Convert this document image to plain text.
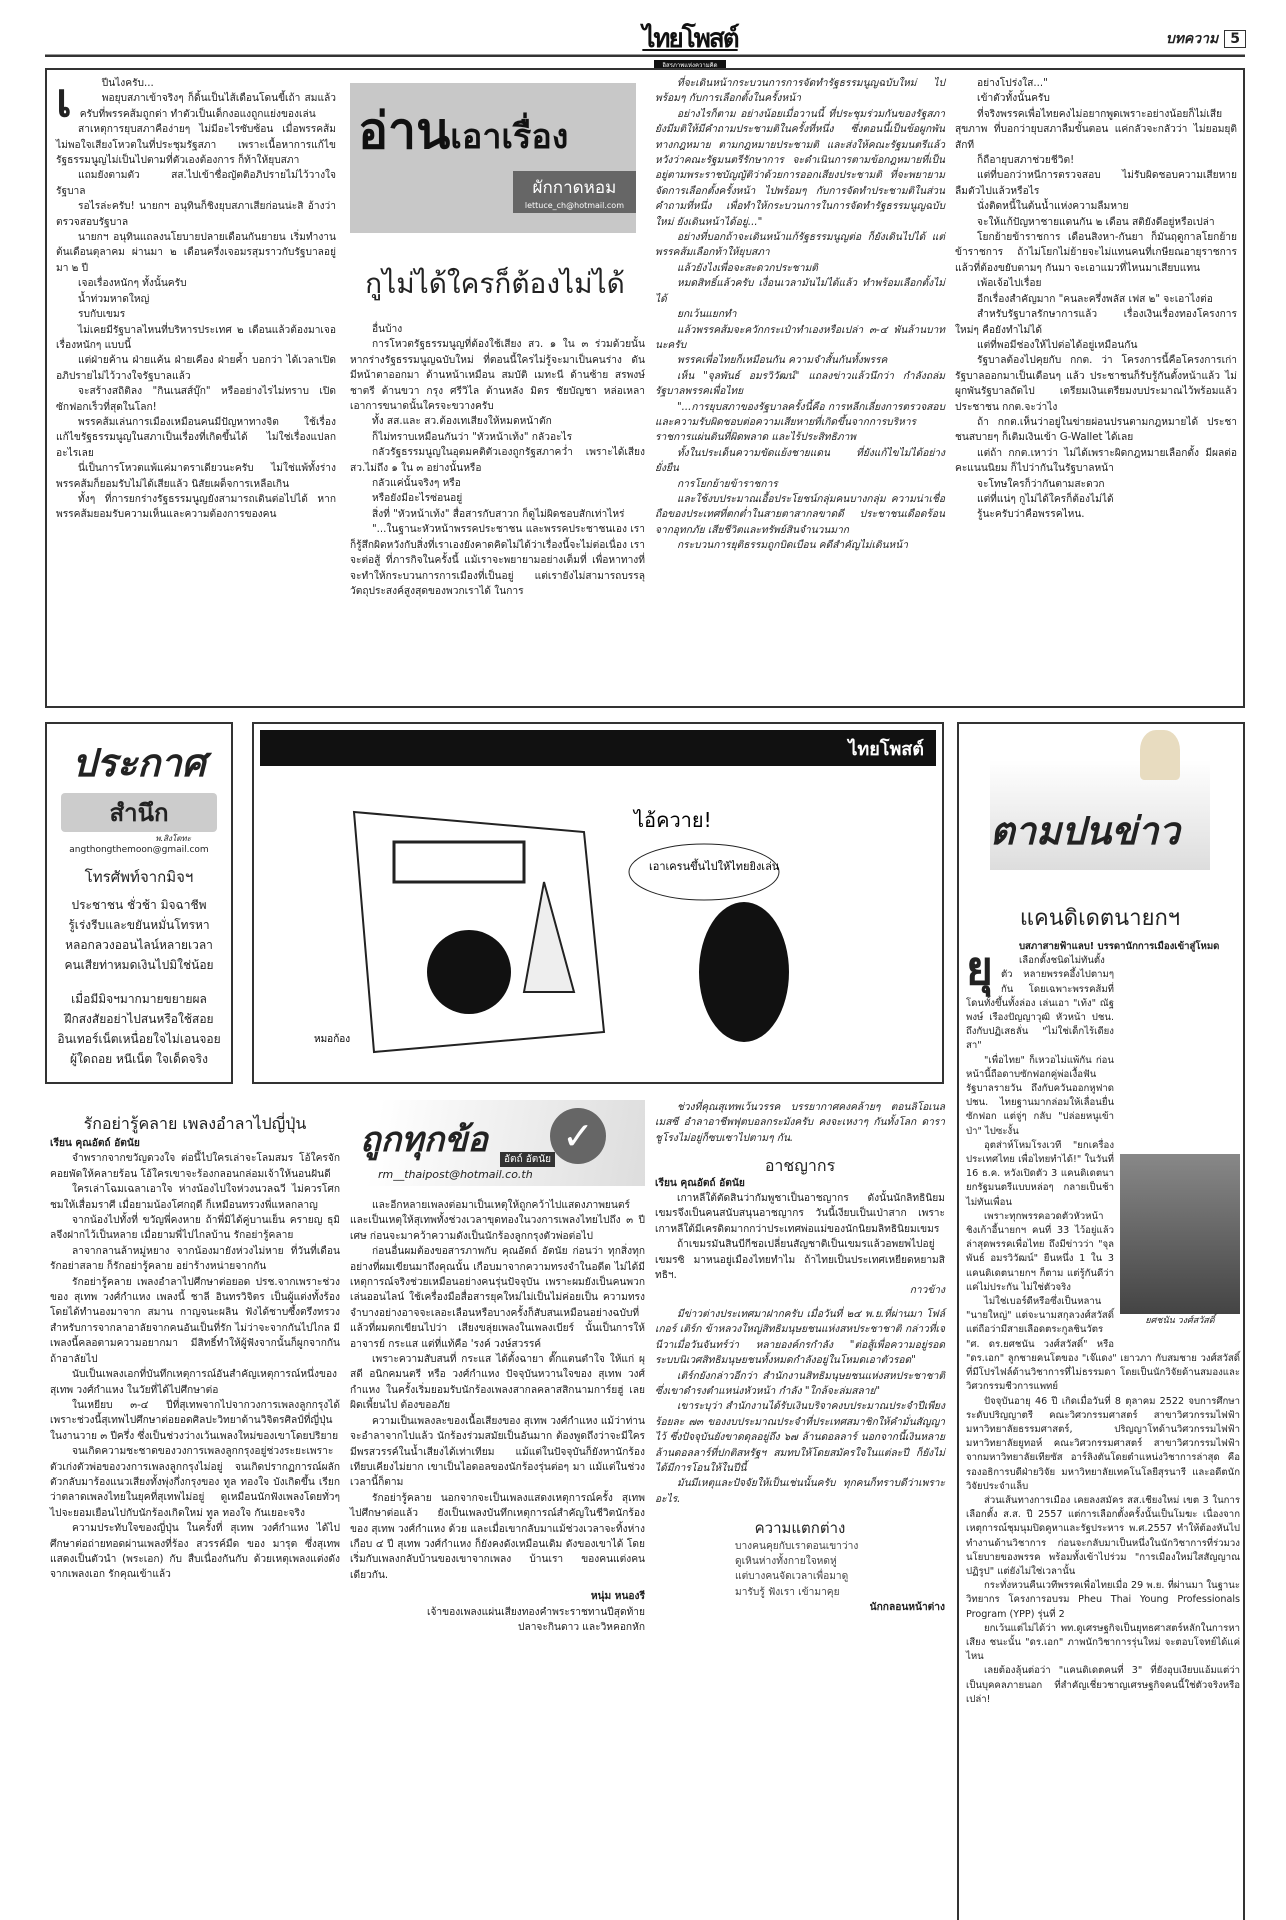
ไทยโพสต์
อิสรภาพแห่งความคิด
บทความ 5
เ	ปีนไงครับ...

พอยุบสภาเข้าจริงๆ ก็ดิ้นเป็นไส้เดือนโดนขี้เถ้า สมแล้วครับที่พรรคส้มถูกด่า ทำตัวเป็นเด็กงอแงถูกแย่งของเล่น

สาเหตุการยุบสภาคือง่ายๆ ไม่มีอะไรซับซ้อน เมื่อพรรคส้มไม่พอใจเสียงโหวตในที่ประชุมรัฐสภา เพราะเนื้อหาการแก้ไขรัฐธรรมนูญไม่เป็นไปตามที่ตัวเองต้องการ ก็ท้าให้ยุบสภา

แถมยังตามตัว สส.ไปเข้าชื่อญัตติอภิปรายไม่ไว้วางใจรัฐบาล

รอไรล่ะครับ! นายกฯ อนุทินก็ชิงยุบสภาเสียก่อนน่ะสิ อ้างว่าตรวจสอบรัฐบาล

นายกฯ อนุทินแถลงนโยบายปลายเดือนกันยายน เริ่มทำงานต้นเดือนตุลาคม ผ่านมา ๒ เดือนครึ่งเจอมรสุมราวกับรัฐบาลอยู่มา ๒ ปี

เจอเรื่องหนักๆ ทั้งนั้นครับ

น้ำท่วมหาดใหญ่

รบกับเขมร

ไม่เคยมีรัฐบาลไหนที่บริหารประเทศ ๒ เดือนแล้วต้องมาเจอเรื่องหนักๆ แบบนี้

แต่ฝ่ายค้าน ฝ่ายแค้น ฝ่ายเคือง ฝ่ายค้ำ บอกว่า ได้เวลาเปิดอภิปรายไม่ไว้วางใจรัฐบาลแล้ว

จะสร้างสถิติลง "กินเนสส์บุ๊ก" หรืออย่างไรไม่ทราบ เปิดซักฟอกเร็วที่สุดในโลก!

พรรคส้มเล่นการเมืองเหมือนคนมีปัญหาทางจิต ใช้เรื่องแก้ไขรัฐธรรมนูญในสภาเป็นเรื่องที่เกิดขึ้นได้ ไม่ใช่เรื่องแปลกอะไรเลย

นี่เป็นการโหวตแพ้แค่มาตราเดียวนะครับ ไม่ใช่แพ้ทั้งร่าง พรรคส้มก็ยอมรับไม่ได้เสียแล้ว นิสัยเผด็จการเหลือเกิน

ทั้งๆ ที่การยกร่างรัฐธรรมนูญยังสามารถเดินต่อไปได้ หากพรรคส้มยอมรับความเห็นและความต้องการของคน

อ่านเอาเรื่อง
ผักกาดหอม
lettuce_ch@hotmail.com
กูไม่ได้ใครก็ต้องไม่ได้

อื่นบ้าง

การโหวตรัฐธรรมนูญที่ต้องใช้เสียง สว. ๑ ใน ๓ ร่วมด้วยนั้น หากร่างรัฐธรรมนูญฉบับใหม่ ที่ตอนนี้ใครไม่รู้จะมาเป็นคนร่าง ดันมีหน้าตาออกมา ด้านหน้าเหมือน สมบัติ เมทะนี ด้านซ้าย สรพงษ์ ชาตรี ด้านขวา กรุง ศรีวิไล ด้านหลัง มิตร ชัยบัญชา หล่อเหลาเอาการขนาดนั้นใครจะขวางครับ

ทั้ง สส.และ สว.ต้องเทเสียงให้หมดหน้าตัก

ก็ไม่ทราบเหมือนกันว่า "หัวหน้าเท้ง" กลัวอะไร

กลัวรัฐธรรมนูญในอุดมคติตัวเองถูกรัฐสภาคว่ำ เพราะได้เสียง สว.ไม่ถึง ๑ ใน ๓ อย่างนั้นหรือ

กลัวแค่นั้นจริงๆ หรือ

หรือยังมีอะไรซ่อนอยู่

สิ่งที่ "หัวหน้าเท้ง" สื่อสารกับสาวก ก็ดูไม่ผิดชอบสักเท่าไหร่

"...ในฐานะหัวหน้าพรรคประชาชน และพรรคประชาชนเอง เราก็รู้สึกผิดหวังกับสิ่งที่เราเองยังคาดคิดไม่ได้ว่าเรื่องนี้จะไม่ต่อเนื่อง เราจะต่อสู้ ที่ภารกิจในครั้งนี้ แม้เราจะพยายามอย่างเต็มที่ เพื่อหาทางที่จะทำให้กระบวนการการเมืองที่เป็นอยู่ แต่เรายังไม่สามารถบรรลุวัตถุประสงค์สูงสุดของพวกเราได้ ในการ

ที่จะเดินหน้ากระบวนการการจัดทำรัฐธรรมนูญฉบับใหม่ ไปพร้อมๆ กับการเลือกตั้งในครั้งหน้า

อย่างไรก็ตาม อย่างน้อยเมื่อวานนี้ ที่ประชุมร่วมกันของรัฐสภา ยังมีมติให้มีคำถามประชามติในครั้งที่หนึ่ง ซึ่งตอนนี้เป็นข้อผูกพันทางกฎหมาย ตามกฎหมายประชามติ และส่งให้คณะรัฐมนตรีแล้ว หวังว่าคณะรัฐมนตรีรักษาการ จะดำเนินการตามข้อกฎหมายที่เป็นอยู่ตามพระราชบัญญัติว่าด้วยการออกเสียงประชามติ ที่จะพยายามจัดการเลือกตั้งครั้งหน้า ไปพร้อมๆ กับการจัดทำประชามติในส่วนคำถามที่หนึ่ง เพื่อทำให้กระบวนการในการจัดทำรัฐธรรมนูญฉบับใหม่ ยังเดินหน้าได้อยู่..."

อย่างที่บอกถ้าจะเดินหน้าแก้รัฐธรรมนูญต่อ ก็ยังเดินไปได้ แต่พรรคส้มเลือกท้าให้ยุบสภา

แล้วยังไงเพื่อจะสะดวกประชามติ

หมดสิทธิ์แล้วครับ เงื่อนเวลามันไม่ได้แล้ว ทำพร้อมเลือกตั้งไม่ได้

ยกเว้นแยกทำ

แล้วพรรคส้มจะควักกระเป๋าทำเองหรือเปล่า ๓-๔ พันล้านบาทนะครับ

พรรคเพื่อไทยก็เหมือนกัน ความจำสั้นกันทั้งพรรค

เห็น "จุลพันธ์ อมรวิวัฒน์" แถลงข่าวแล้วนึกว่า กำลังถล่มรัฐบาลพรรคเพื่อไทย

"...การยุบสภาของรัฐบาลครั้งนี้คือ การหลีกเลี่ยงการตรวจสอบ และความรับผิดชอบต่อความเสียหายที่เกิดขึ้นจากการบริหารราชการแผ่นดินที่ผิดพลาด และไร้ประสิทธิภาพ

ทั้งในประเด็นความขัดแย้งชายแดน ที่ยังแก้ไขไม่ได้อย่างยั่งยืน

การโยกย้ายข้าราชการ

และใช้งบประมาณเอื้อประโยชน์กลุ่มคนบางกลุ่ม ความน่าเชื่อถือของประเทศที่ตกต่ำในสายตาสากลขาดดี ประชาชนเดือดร้อนจากอุทกภัย เสียชีวิตและทรัพย์สินจำนวนมาก

กระบวนการยุติธรรมถูกบิดเบือน คดีสำคัญไม่เดินหน้า

อย่างโปร่งใส..."

เข้าตัวทั้งนั้นครับ

ที่จริงพรรคเพื่อไทยคงไม่อยากพูดเพราะอย่างน้อยก็ไม่เสียสุขภาพ ที่บอกว่ายุบสภาลืมขั้นตอน แค่กลัวจะกลัวว่า ไม่ยอมยุติสักที

ก็ถือายุบสภาช่วยชีวิต!

แต่ที่บอกว่าหนีการตรวจสอบ ไม่รับผิดชอบความเสียหาย ลืมตัวไปแล้วหรือไร

นั่งติดหนี้ในต้นน้ำแห่งความลืมหาย

จะให้แก้ปัญหาชายแดนกัน ๒ เดือน สติยังดีอยู่หรือเปล่า

โยกย้ายข้าราชการ เดือนสิงหา-กันยา ก็มันฤดูกาลโยกย้ายข้าราชการ ถ้าไม่โยกไม่ย้ายจะไม่แทนคนที่เกษียณอายุราชการ แล้วที่ต้องขยับตามๆ กันมา จะเอาแมวที่ไหนมาเสียบแทน

เพ้อเจ้อไปเรื่อย

อีกเรื่องสำคัญมาก "คนละครึ่งพลัส เฟส ๒" จะเอาไงต่อ

สำหรับรัฐบาลรักษาการแล้ว เรื่องเงินเรื่องทองโครงการใหม่ๆ คือยังทำไม่ได้

แต่ที่พอมีช่องให้ไปต่อได้อยู่เหมือนกัน

รัฐบาลต้องไปคุยกับ กกต. ว่า โครงการนี้คือโครงการเก่า รัฐบาลออกมาเป็นเดือนๆ แล้ว ประชาชนก็รับรู้กันตั้งหน้าแล้ว ไม่ผูกพันรัฐบาลถัดไป เตรียมเงินเตรียมงบประมาณไว้พร้อมแล้ว ประชาชน กกต.จะว่าไง

ถ้า กกต.เห็นว่าอยู่ในข่ายผ่อนปรนตามกฎหมายได้ ประชาชนสบายๆ ก็เติมเงินเข้า G-Wallet ได้เลย

แต่ถ้า กกต.เหาว่า ไม่ได้เพราะผิดกฎหมายเลือกตั้ง มีผลต่อคะแนนนิยม ก็ไปว่ากันในรัฐบาลหน้า

จะโทษใครก็ว่ากันตามสะดวก

แต่ที่แน่ๆ กูไม่ได้ใครก็ต้องไม่ได้

รู้นะครับว่าคือพรรคไหน.

ประกาศ
สำนึก
พ.สิงโตทะ
angthongthemoon@gmail.com
โทรศัพท์จากมิจฯ
ประชาชน ชั่วช้า มิจฉาชีพ
รู้เร่งรีบและขยันหมั่นโทรหา
หลอกลวงออนไลน์หลายเวลา
คนเสียท่าหมดเงินไปมิใช่น้อย
เมื่อมีมิจฯมากมายขยายผล
ฝึกสงสัยอย่าไปสนหรือใช้สอย
อินเทอร์เน็ตเหนื่อยใจไม่เอนจอย
ผู้ใดถอย หนีเน็ต ใจเด็ดจริง
ไทยโพสต์
ไอ้ควาย!
เอาเครนขึ้นไปให้ไทยยิงเล่น
หมอก้อง
ตามปนข่าว
แคนดิเดตนายกฯ
ยุ	บสภาสายฟ้าแลบ! บรรดานักการเมืองเข้าสู่โหมด

ยศชนัน วงศ์สวัสดิ์

เลือกตั้งชนิดไม่ทันตั้งตัว หลายพรรคอึ้งไปตามๆ กัน โดยเฉพาะพรรคส้มที่โดนทั้งขึ้นทั้งล่อง เล่นเอา "เท้ง" ณัฐพงษ์ เรืองปัญญาวุฒิ หัวหน้า ปชน. ถึงกับปฏิเสธลั่น "ไม่ใช่เด็กไร้เดียงสา"

"เพื่อไทย" ก็เหวอไม่แพ้กัน ก่อนหน้านี้ถือดาบซักฟอกคู่พ่อเงื้อฟันรัฐบาลรายวัน ถึงกับควันออกหูฟาด ปชน. ไทยฐานมากล่อมให้เลื่อนยื่นซักฟอก แต่จู่ๆ กลับ "ปล่อยหนูเข้าป่า" ไปซะงั้น

อุตส่าห์โหมโรงเวที "ยกเครื่องประเทศไทย เพื่อไทยทำได้!" ในวันที่ 16 ธ.ค. หวังเปิดตัว 3 แคนดิเดตนายกรัฐมนตรีแบบหล่อๆ กลายเป็นช้าไม่ทันเพื่อน

เพราะทุกพรรคอวดตัวหัวหน้าชิงเก้าอี้นายกฯ คนที่ 33 ไว้อยู่แล้ว ล่าสุดพรรคเพื่อไทย ถึงมีข่าวว่า "จุลพันธ์ อมรวิวัฒน์" ยืนหนึ่ง 1 ใน 3 แคนดิเดตนายกฯ ก็ตาม แต่รู้กันดีว่าแค่ไม่ประกัน ไม่ใช่ตัวจริง

ไม่ใช่เบอร์ดีหรือซึ่งเป็นหลาน "นายใหญ่" แต่จะนามสกุลวงศ์สวัสดิ์ แต่ถือว่ามีสายเลือดตระกูลชินวัตร "ศ. ดร.ยศชนัน วงศ์สวัสดิ์" หรือ "ดร.เอก" ลูกชายคนโตของ "เจ๊แดง" เยาวภา กับสมชาย วงศ์สวัสดิ์ ที่มีโปรไฟล์ด้านวิชาการที่ไม่ธรรมดา โดยเป็นนักวิจัยด้านสมองและวิศวกรรมชีวการแพทย์

ปัจจุบันอายุ 46 ปี เกิดเมื่อวันที่ 8 ตุลาคม 2522 จบการศึกษาระดับปริญญาตรี คณะวิศวกรรมศาสตร์ สาขาวิศวกรรมไฟฟ้า มหาวิทยาลัยธรรมศาสตร์, ปริญญาโทด้านวิศวกรรมไฟฟ้า มหาวิทยาลัยยูทอห์ คณะวิศวกรรมศาสตร์ สาขาวิศวกรรมไฟฟ้า จากมหาวิทยาลัยเทียซัส อาร์ลิงตันโดยตำแหน่งวิชาการล่าสุด คือ รองอธิการบดีฝ่ายวิจัย มหาวิทยาลัยเทคโนโลยีสุรนารี และอดีตนักวิจัยประจำแล็บ

ส่วนเส้นทางการเมือง เคยลงสมัคร สส.เชียงใหม่ เขต 3 ในการเลือกตั้ง ส.ส. ปี 2557 แต่การเลือกตั้งครั้งนั้นเป็นโมฆะ เนื่องจากเหตุการณ์ชุมนุมปิดคูหาและรัฐประหาร พ.ศ.2557 ทำให้ต้องหันไปทำงานด้านวิชาการ ก่อนจะกลับมาเป็นหนึ่งในนักวิชาการที่ร่วมวงนโยบายของพรรค พร้อมทั้งเข้าไปร่วม "การเมืองใหม่ใสสัญญาณปฏิรูป" แต่ยังไม่ใช่เวลานั้น

กระทั่งหวนคืนเวทีพรรคเพื่อไทยเมื่อ 29 พ.ย. ที่ผ่านมา ในฐานะวิทยากร โครงการอบรม Pheu Thai Young Professionals Program (YPP) รุ่นที่ 2

ยกเว้นแต่ไม่ได้ว่า พท.ดูเศรษฐกิจเป็นยุทธศาสตร์หลักในการหาเสียง ชนะนั้น "ดร.เอก" ภาพนักวิชาการรุ่นใหม่ จะตอบโจทย์ได้แค่ไหน

เลยต้องลุ้นต่อว่า "แคนดิเดตคนที่ 3" ที่ยังอุบเงียบแอ้มแต่ว่าเป็นบุคคลภายนอก ที่สำคัญเชี่ยวชาญเศรษฐกิจคนนี้ใช่ตัวจริงหรือเปล่า!

รักอย่ารู้คลาย เพลงอำลาไปญี่ปุ่น

เรียน คุณอัตถ์ อัตนัย

จำพรากจากขวัญดวงใจ ต่อนี้ไปใครเล่าจะโลมสมร โอ้ใครจักคอยพัดให้คลายร้อน โอ้ใครเขาจะร้องกลอนกล่อมเจ้าให้นอนฝันดี

ใครเล่าโฉมเฉลาเอาใจ ห่างน้องไปใจห่วงนวลฉวี ไม่ควรโศกชมให้เสื่อมราศี เมื่อยามน้องโศกฤดี ก็เหมือนทรวงพี่แหลกลาญ

จากน้องไปทั้งที่ ขวัญพี่คงหาย ถ้าพี่มิได้คู่บานเย็น ครายญ ธุมิลจึงฝากไว้เป็นหลาย เมื่อยามพี่ไปไกลบ้าน รักอย่ารู้คลาย

ลาจากลานล้าหมู่หยาง จากน้องมายังห่วงไม่หาย ที่วันที่เดือนรักอย่าสลาย ก็รักอย่ารู้คลาย อย่าร้างหน่ายจากกัน

รักอย่ารู้คลาย เพลงอำลาไปศึกษาต่อยอด ปรช.จากเพราะช่วงของ สุเทพ วงศ์กำแหง เพลงนี้ ชาลี อินทรวิจิตร เป็นผู้แต่งทั้งร้อง โดยได้ทำนองมาจาก สมาน กาญจนะผลิน ฟังได้ชาบซึ้งตรึงทรวงสำหรับการจากลาอาลัยจากคนอันเป็นที่รัก ไม่ว่าจะจากกันไปไกล มีเพลงนี้คลอตามความอยากมา มีสิทธิ์ทำให้ผู้ฟังจากนั้นก็ผูกจากกันถ้าอาลัยไป

นับเป็นเพลงเอกที่บันทึกเหตุการณ์อันสำคัญเหตุการณ์หนึ่งของ สุเทพ วงศ์กำแหง ในวัยที่ได้ไปศึกษาต่อ

ในเหยียบ ๓-๔ ปีที่สุเทพจากไปจากวงการเพลงลูกกรุงได้ เพราะช่วงนี้สุเทพไปศึกษาต่อยอดศิลปะวิทยาด้านวิจิตรศิลป์ที่ญี่ปุ่นในงานวาย ๓ ปีครึ่ง ซึ่งเป็นช่วงว่างเว้นเพลงใหม่ของเขาโดยปริยาย

จนเกิดความชะชาดของวงการเพลงลูกกรุงอยู่ช่วงระยะเพราะตัวเก่งตัวพ่อของวงการเพลงลูกกรุงไม่อยู่ จนเกิดปรากฏการณ์ผลักตัวกลับมาร้องแนวเสียงทั้งพุ่งกึ่งกรุงของ ทูล ทองใจ บังเกิดขึ้น เรียกว่าตลาดเพลงไทยในยุคที่สุเทพไม่อยู่ ดูเหมือนนักฟังเพลงโดยทั่วๆ ไปจะยอมเยือนไปกับนักร้องเกิดใหม่ ทูล ทองใจ กันเยอะจริง

ความประทับใจของญี่ปุ่น ในครั้งที่ สุเทพ วงศ์กำแหง ได้ไปศึกษาต่อถ่ายทอดผ่านเพลงที่ร้อง สวรรค์มืด ของ มารุต ซึ่งสุเทพแสดงเป็นตัวนำ (พระเอก) กับ สืบเนื่องกันกับ ด้วยเหตุเพลงแต่งดังจากเพลงเอก รักคุณเข้าแล้ว

ถูกทุกข้อ	✓
อัตถ์ อัตนัย
rm__thaipost@hotmail.co.th

และอีกหลายเพลงต่อมาเป็นเหตุให้ถูกคว้าไปแสดงภาพยนตร์ และเป็นเหตุให้สุเทพทั้งช่วงเวลาขุดทองในวงการเพลงไทยไปถึง ๓ ปีเศษ ก่อนจะมาคว้าความดังเป็นนักร้องลูกกรุงตัวพ่อต่อไป

ก่อนอื่นผมต้องขอสารภาพกับ คุณอัตถ์ อัตนัย ก่อนว่า ทุกสิ่งทุกอย่างที่ผมเขียนมาถึงคุณนั้น เกือบมาจากความทรงจำในอดีต ไม่ได้มีเหตุการณ์จริงช่วยเหมือนอย่างคนรุ่นปัจจุบัน เพราะผมยังเป็นคนพวกเล่นออนไลน์ ใช้เครื่องมือสื่อสารยุคใหม่ไม่เป็นไม่ค่อยเป็น ความทรงจำบางอย่างอาจจะเลอะเลือนหรือบางครั้งก็สับสนเหมือนอย่างฉบับที่แล้วที่ผมตกเขียนไปว่า เสียงขลุ่ยเพลงในเพลงเบียร์ นั้นเป็นการให้อาจารย์ กระแส แต่ที่แท้คือ 'รงค์ วงษ์สวรรค์

เพราะความสับสนที่ กระแส ได้ตั้งฉายา ตั๊กแตนตำใจ ให้แก่ ผุสดี อนิกคมนตรี หรือ วงศ์กำแหง ปัจจุบันหวานใจของ สุเทพ วงศ์กำแหง ในครั้งเริ่มยอมรับนักร้องเพลงสากลคลาสสิกนามการ์ยฮู่ เลยผิดเพี้ยนไป ต้องขออภัย

ความเป็นเพลงละของเนื้อเสียงของ สุเทพ วงศ์กำแหง แม้ว่าท่านจะอำลาจากไปแล้ว นักร้องร่วมสมัยเป็นอันมาก ต้องพูดถึงว่าจะมีใครมีพรสวรรค์ในน้ำเสียงได้เท่าเทียม แม้แต่ในปัจจุบันก็ยังหานักร้องเทียบเคียงไม่ยาก เขาเป็นไอดอลของนักร้องรุ่นต่อๆ มา แม้แต่ในช่วงเวลานี้ก็ตาม

รักอย่ารู้คลาย นอกจากจะเป็นเพลงแสดงเหตุการณ์ครั้ง สุเทพ ไปศึกษาต่อแล้ว ยังเป็นเพลงบันทึกเหตุการณ์สำคัญในชีวิตนักร้องของ สุเทพ วงศ์กำแหง ด้วย และเมื่อเขากลับมาแม้ช่วงเวลาจะทิ้งห่างเกือบ ๔ ปี สุเทพ วงศ์กำแหง ก็ยังคงดังเหมือนเดิม ดังของเขาได้ โดยเริ่มกับเพลงกลับบ้านของเขาจากเพลง บ้านเรา ของคนแต่งคนเดียวกัน.

หนุ่ม หนองรี
เจ้าของเพลงแผ่นเสียงทองคำพระราชทานปีสุดท้าย
ปลาจะกินดาว และวิหคอกหัก

ช่วงที่คุณสุเทพเว้นวรรค บรรยากาศคงคล้ายๆ ตอนลิโอเนล เมสซี อำลาอาชีพฟุตบอลกระมังครับ คงจะเหงาๆ กันทั้งโลก ดาราชูโรงไม่อยู่ก็ซบเซาไปตามๆ กัน.

อาชญากร

เรียน คุณอัตถ์ อัตนัย

เกาหลีใต้ตัดสินว่ากัมพูชาเป็นอาชญากร ดังนั้นนักลิทธินิยมเขมรจึงเป็นคนสนับสนุนอาชญากร วันนี้เงียบเป็นเป่าสาก เพราะเกาหลีใต้มีเครดิตมากกว่าประเทศพ่อแม่ของนักนิยมลิทธินิยมเขมร

ถ้าเขมรมันสินบีกีชอเปลี่ยนสัญชาติเป็นเขมรแล้วอพยพไปอยู่เขมรซิ มาหนอยู่เมืองไทยทำไม ถ้าไทยเป็นประเทศเหยียดหยามสิทธิฯ.

กาวข้าง

มีข่าวต่างประเทศมาฝากครับ เมื่อวันที่ ๒๔ พ.ย.ที่ผ่านมา โฟล์เกอร์ เติร์ก ข้าหลวงใหญ่สิทธิมนุษยชนแห่งสหประชาชาติ กล่าวที่เจนีวาเมื่อวันจันทร์ว่า หลายองค์กรกำลัง "ต่อสู้เพื่อความอยู่รอด ระบบนิเวศสิทธิมนุษยชนทั้งหมดกำลังอยู่ในโหมดเอาตัวรอด"

เติร์กยังกล่าวอีกว่า สำนักงานสิทธิมนุษยชนแห่งสหประชาชาติ ซึ่งเขาดำรงตำแหน่งหัวหน้า กำลัง "ใกล้จะล่มสลาย"

เขาระบุว่า สำนักงานได้รับเงินบริจาคงบประมาณประจำปีเพียงร้อยละ ๗๓ ของงบประมาณประจำที่ประเทศสมาชิกให้คำมั่นสัญญาไว้ ซึ่งปัจจุบันยังขาดดุลอยู่ถึง ๖๗ ล้านดอลลาร์ นอกจากนี้เงินหลายล้านดอลลาร์ที่ปกติสหรัฐฯ สมทบให้โดยสมัครใจในแต่ละปี ก็ยังไม่ได้มีการโอนให้ในปีนี้

มันมีเหตุและปัจจัยให้เป็นเช่นนั้นครับ ทุกคนก็ทราบดีว่าเพราะอะไร.

ความแตกต่าง
บางคนคุยกับเราตอนเขาว่าง
ดูเหินห่างทั้งกายใจหดหู่
แต่บางคนจัดเวลาเพื่อมาดู
มารับรู้ ฟังเรา เข้ามาคุย

นักกลอนหน้าต่าง
